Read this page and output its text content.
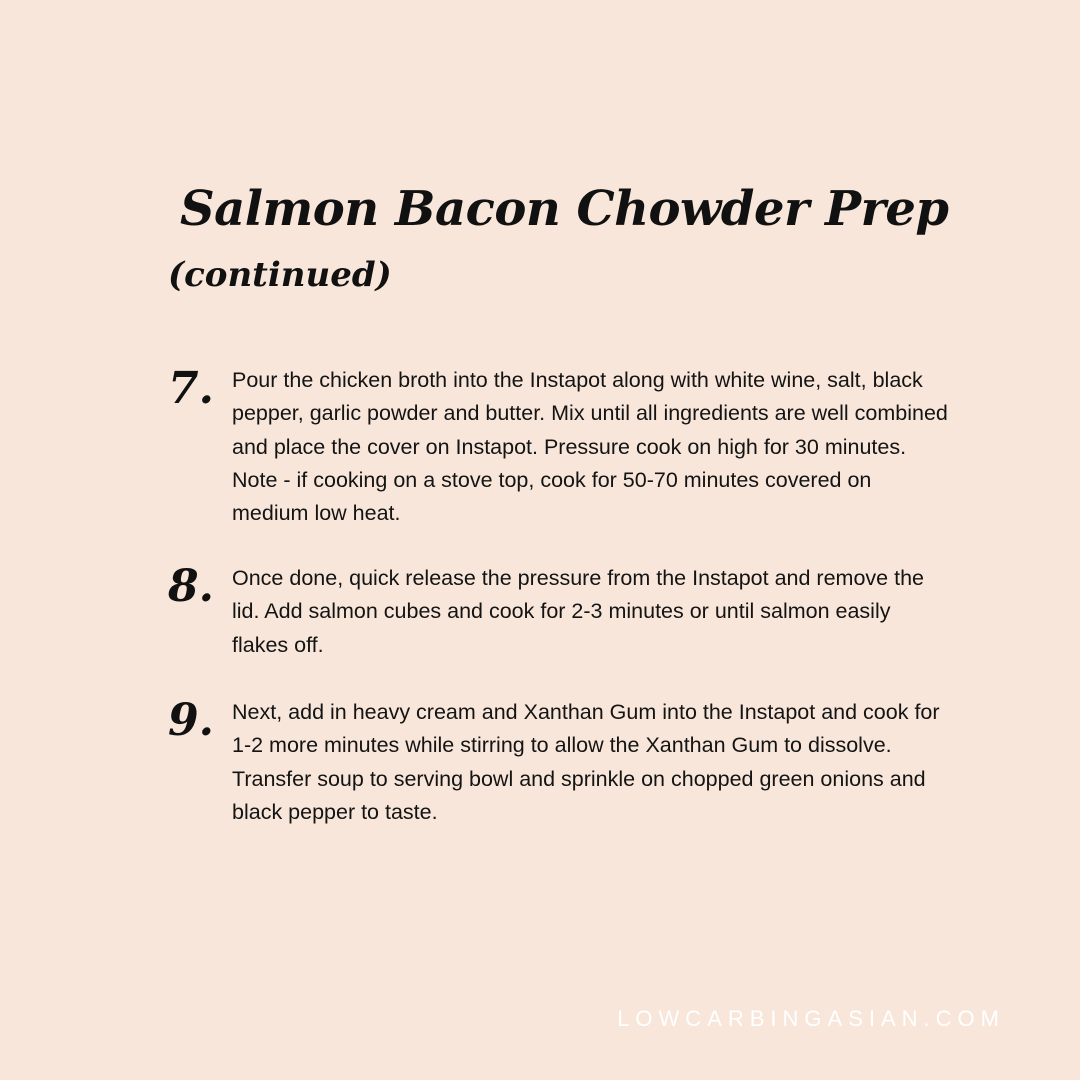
Salmon Bacon Chowder Prep
(continued)
7. Pour the chicken broth into the Instapot along with white wine, salt, black pepper, garlic powder and butter. Mix until all ingredients are well combined and place the cover on Instapot. Pressure cook on high for 30 minutes. Note - if cooking on a stove top, cook for 50-70 minutes covered on medium low heat.

8. Once done, quick release the pressure from the Instapot and remove the lid. Add salmon cubes and cook for 2-3 minutes or until salmon easily flakes off.

9. Next, add in heavy cream and Xanthan Gum into the Instapot and cook for 1-2 more minutes while stirring to allow the Xanthan Gum to dissolve. Transfer soup to serving bowl and sprinkle on chopped green onions and black pepper to taste.

LOWCARBINGASIAN.COM
